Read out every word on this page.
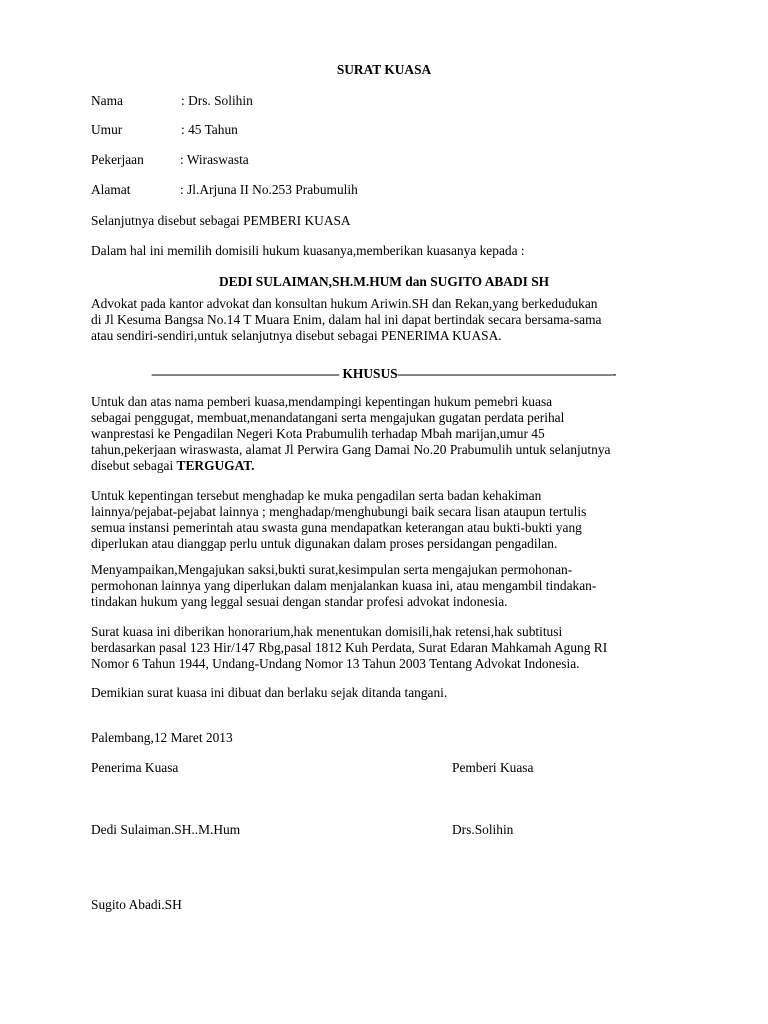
SURAT KUASA
Nama	: Drs. Solihin
Umur	: 45 Tahun
Pekerjaan	: Wiraswasta
Alamat	: Jl.Arjuna II No.253 Prabumulih
Selanjutnya disebut sebagai PEMBERI KUASA
Dalam hal ini memilih domisili hukum kuasanya,memberikan kuasanya kepada :
DEDI SULAIMAN,SH.M.HUM dan SUGITO ABADI SH
Advokat pada kantor advokat dan konsultan hukum Ariwin.SH dan Rekan,yang berkedudukan
di Jl Kesuma Bangsa No.14 T Muara Enim, dalam hal ini dapat bertindak secara bersama-sama
atau sendiri-sendiri,untuk selanjutnya disebut sebagai PENERIMA KUASA.
—————————————— KHUSUS————————————————-
Untuk dan atas nama pemberi kuasa,mendampingi kepentingan hukum pemebri kuasa
sebagai penggugat, membuat,menandatangani serta mengajukan gugatan perdata perihal
wanprestasi ke Pengadilan Negeri Kota Prabumulih terhadap Mbah marijan,umur 45
tahun,pekerjaan wiraswasta, alamat Jl Perwira Gang Damai No.20 Prabumulih untuk selanjutnya
disebut sebagai TERGUGAT.
Untuk kepentingan tersebut menghadap ke muka pengadilan serta badan kehakiman
lainnya/pejabat-pejabat lainnya ; menghadap/menghubungi baik secara lisan ataupun tertulis
semua instansi pemerintah atau swasta guna mendapatkan keterangan atau bukti-bukti yang
diperlukan atau dianggap perlu untuk digunakan dalam proses persidangan pengadilan.
Menyampaikan,Mengajukan saksi,bukti surat,kesimpulan serta mengajukan permohonan-
permohonan lainnya yang diperlukan dalam menjalankan kuasa ini, atau mengambil tindakan-
tindakan hukum yang leggal sesuai dengan standar profesi advokat indonesia.
Surat kuasa ini diberikan honorarium,hak menentukan domisili,hak retensi,hak subtitusi
berdasarkan pasal 123 Hir/147 Rbg,pasal 1812 Kuh Perdata, Surat Edaran Mahkamah Agung RI
Nomor 6 Tahun 1944, Undang-Undang Nomor 13 Tahun 2003 Tentang Advokat Indonesia.
Demikian surat kuasa ini dibuat dan berlaku sejak ditanda tangani.
Palembang,12 Maret 2013
Penerima Kuasa	Pemberi Kuasa
Dedi Sulaiman.SH..M.Hum	Drs.Solihin
Sugito Abadi.SH
